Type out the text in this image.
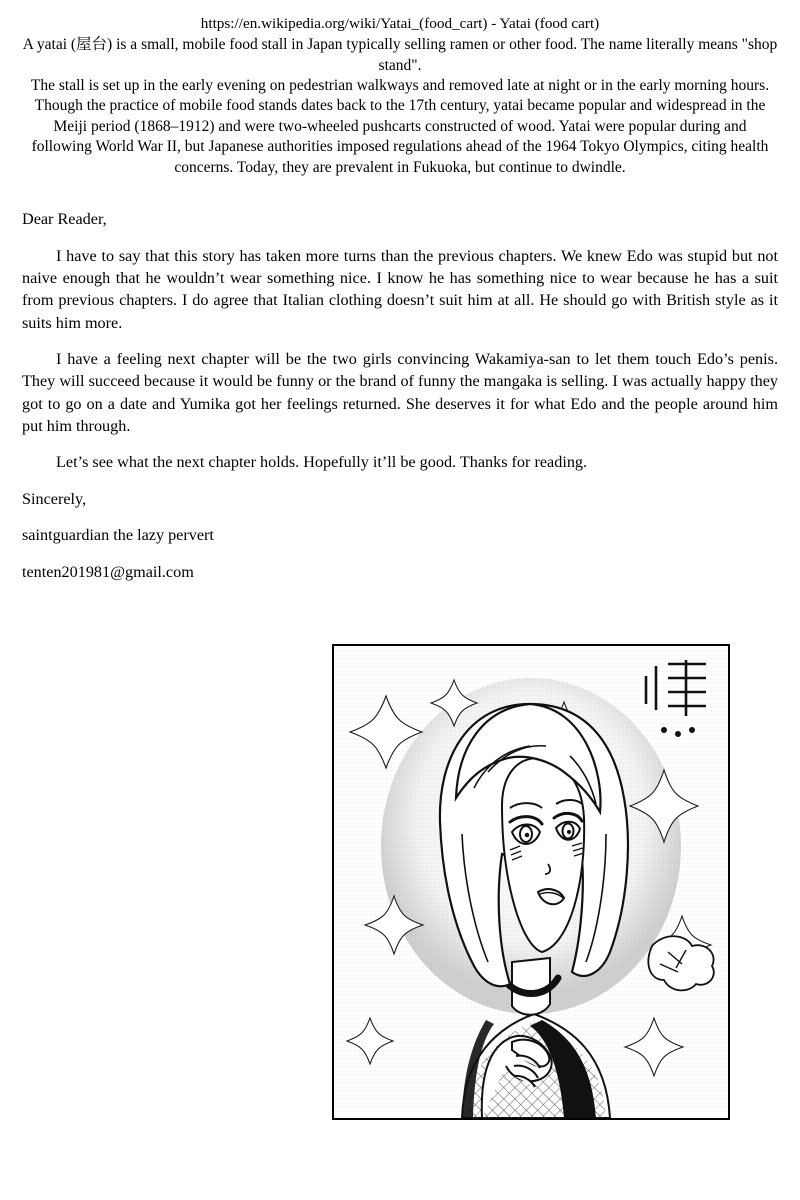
https://en.wikipedia.org/wiki/Yatai_(food_cart) - Yatai (food cart)

A yatai (屋台) is a small, mobile food stall in Japan typically selling ramen or other food. The name literally means "shop stand".

The stall is set up in the early evening on pedestrian walkways and removed late at night or in the early morning hours.

Though the practice of mobile food stands dates back to the 17th century, yatai became popular and widespread in the Meiji period (1868–1912) and were two-wheeled pushcarts constructed of wood. Yatai were popular during and following World War II, but Japanese authorities imposed regulations ahead of the 1964 Tokyo Olympics, citing health concerns. Today, they are prevalent in Fukuoka, but continue to dwindle.

Dear Reader,

I have to say that this story has taken more turns than the previous chapters. We knew Edo was stupid but not naive enough that he wouldn’t wear something nice. I know he has something nice to wear because he has a suit from previous chapters. I do agree that Italian clothing doesn’t suit him at all. He should go with British style as it suits him more.

I have a feeling next chapter will be the two girls convincing Wakamiya-san to let them touch Edo’s penis. They will succeed because it would be funny or the brand of funny the mangaka is selling. I was actually happy they got to go on a date and Yumika got her feelings returned. She deserves it for what Edo and the people around him put him through.

Let’s see what the next chapter holds. Hopefully it’ll be good. Thanks for reading.

Sincerely,

saintguardian the lazy pervert

tenten201981@gmail.com
